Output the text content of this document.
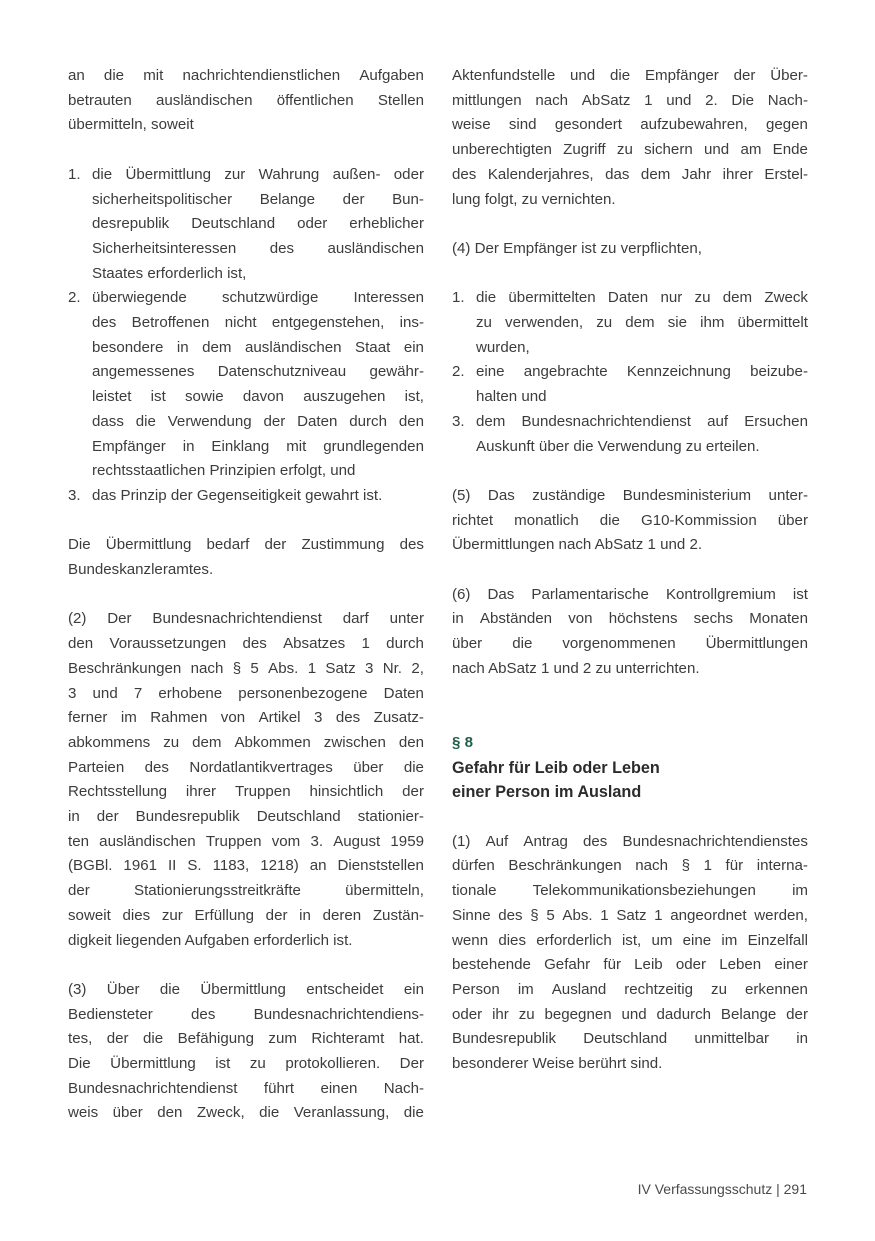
an die mit nachrichtendienstlichen Aufgaben
betrauten ausländischen öffentlichen Stellen
übermitteln, soweit
1. die Übermittlung zur Wahrung außen- oder
sicherheitspolitischer Belange der Bun-
desrepublik Deutschland oder erheblicher
Sicherheitsinteressen des ausländischen
Staates erforderlich ist,
2. überwiegende schutzwürdige Interessen
des Betroffenen nicht entgegenstehen, ins-
besondere in dem ausländischen Staat ein
angemessenes Datenschutzniveau gewähr-
leistet ist sowie davon auszugehen ist,
dass die Verwendung der Daten durch den
Empfänger in Einklang mit grundlegenden
rechtsstaatlichen Prinzipien erfolgt, und
3. das Prinzip der Gegenseitigkeit gewahrt ist.
Die Übermittlung bedarf der Zustimmung des
Bundeskanzleramtes.
(2) Der Bundesnachrichtendienst darf unter
den Voraussetzungen des Absatzes 1 durch
Beschränkungen nach § 5 Abs. 1 Satz 3 Nr. 2,
3 und 7 erhobene personenbezogene Daten
ferner im Rahmen von Artikel 3 des Zusatz-
abkommens zu dem Abkommen zwischen den
Parteien des Nordatlantikvertrages über die
Rechtsstellung ihrer Truppen hinsichtlich der
in der Bundesrepublik Deutschland stationier-
ten ausländischen Truppen vom 3. August 1959
(BGBl. 1961 II S. 1183, 1218) an Dienststellen
der	Stationierungsstreitkräfte	übermitteln,
soweit dies zur Erfüllung der in deren Zustän-
digkeit liegenden Aufgaben erforderlich ist.
(3) Über die Übermittlung entscheidet ein
Bediensteter	des	Bundesnachrichtendiens-
tes, der die Befähigung zum Richteramt hat.
Die Übermittlung ist zu protokollieren. Der
Bundesnachrichtendienst führt einen Nach-
weis über den Zweck, die Veranlassung, die
Aktenfundstelle und die Empfänger der Über-
mittlungen nach AbSatz 1 und 2. Die Nach-
weise sind gesondert aufzubewahren, gegen
unberechtigten Zugriff zu sichern und am Ende
des Kalenderjahres, das dem Jahr ihrer Erstel-
lung folgt, zu vernichten.
(4) Der Empfänger ist zu verpflichten,
1. die übermittelten Daten nur zu dem Zweck
zu verwenden, zu dem sie ihm übermittelt
wurden,
2. eine angebrachte Kennzeichnung beizube-
halten und
3. dem Bundesnachrichtendienst auf Ersuchen
Auskunft über die Verwendung zu erteilen.
(5) Das zuständige Bundesministerium unter-
richtet monatlich die G10-Kommission über
Übermittlungen nach AbSatz 1 und 2.
(6) Das Parlamentarische Kontrollgremium ist
in Abständen von höchstens sechs Monaten
über die vorgenommenen Übermittlungen
nach AbSatz 1 und 2 zu unterrichten.
§ 8
Gefahr für Leib oder Leben
einer Person im Ausland
(1) Auf Antrag des Bundesnachrichtendienstes
dürfen Beschränkungen nach § 1 für interna-
tionale Telekommunikationsbeziehungen im
Sinne des § 5 Abs. 1 Satz 1 angeordnet werden,
wenn dies erforderlich ist, um eine im Einzelfall
bestehende Gefahr für Leib oder Leben einer
Person im Ausland rechtzeitig zu erkennen
oder ihr zu begegnen und dadurch Belange der
Bundesrepublik Deutschland unmittelbar in
besonderer Weise berührt sind.
IV Verfassungsschutz | 291
